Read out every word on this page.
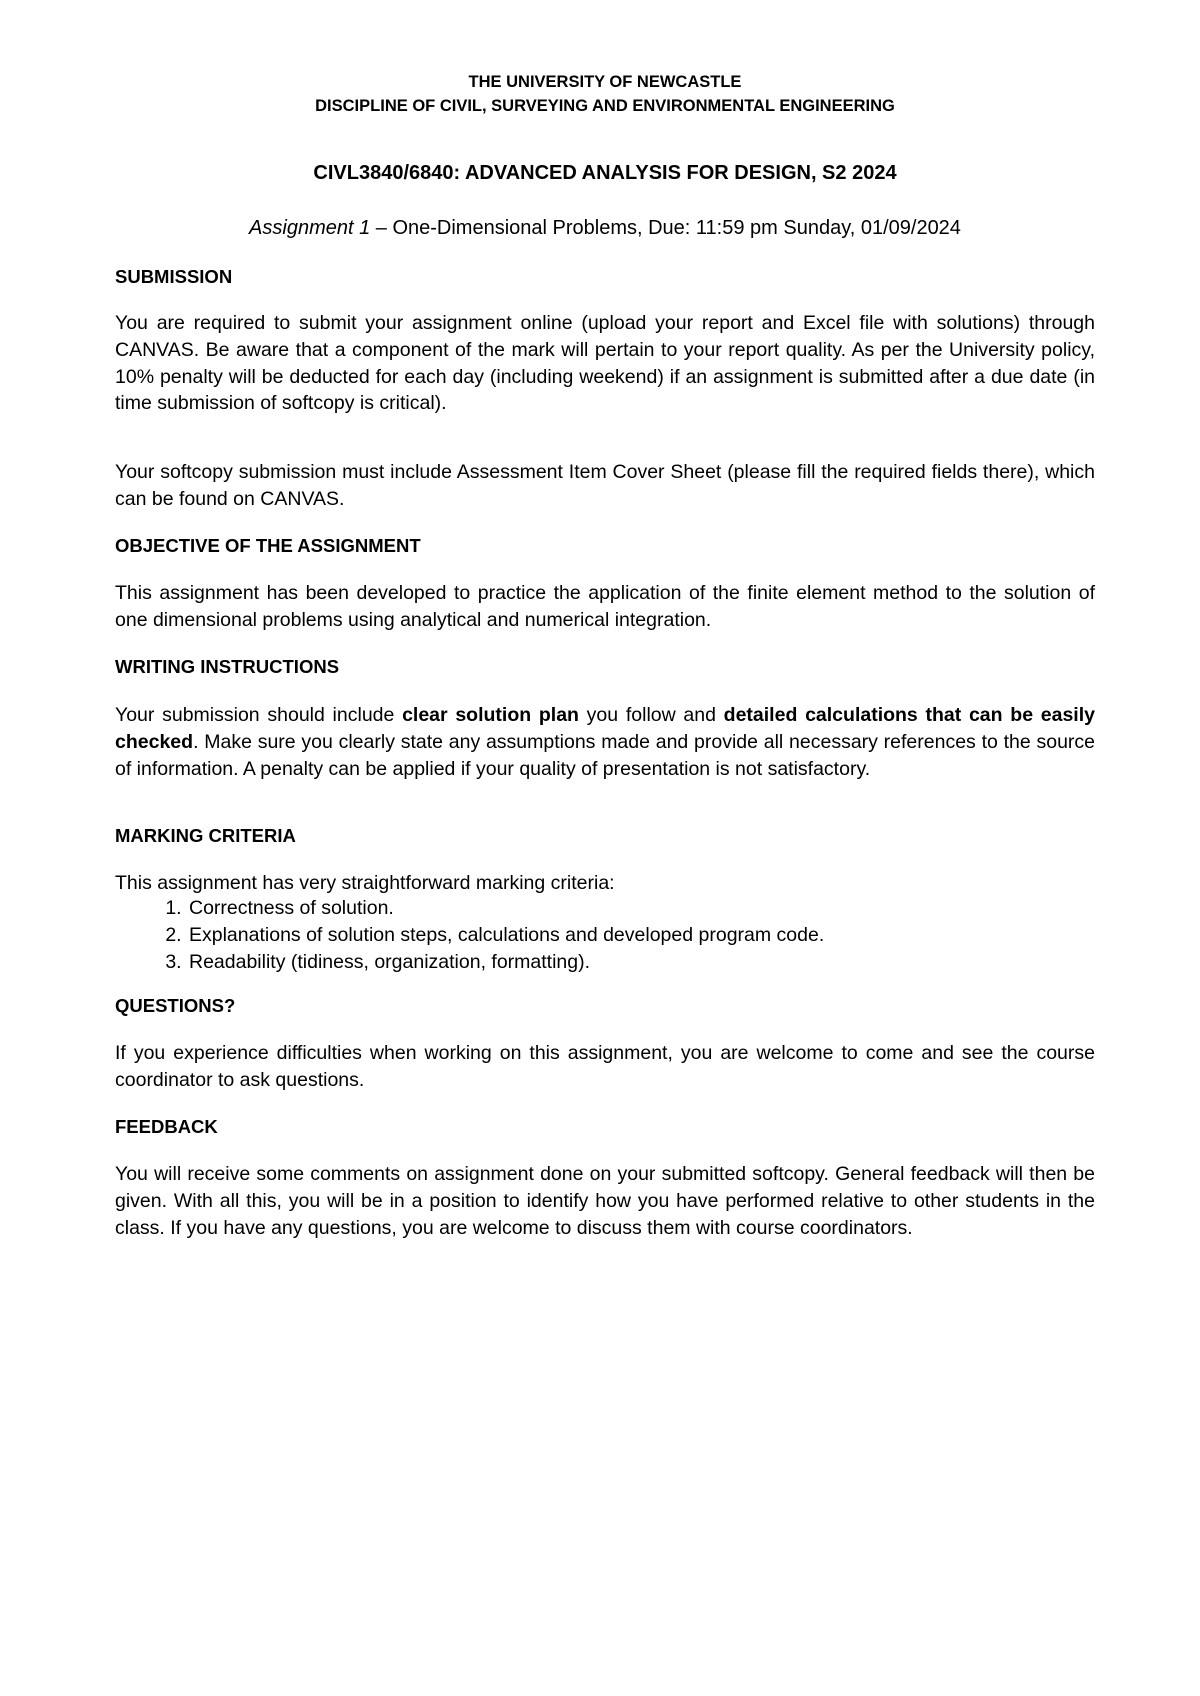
THE UNIVERSITY OF NEWCASTLE
DISCIPLINE OF CIVIL, SURVEYING AND ENVIRONMENTAL ENGINEERING
CIVL3840/6840: ADVANCED ANALYSIS FOR DESIGN, S2 2024
Assignment 1 – One-Dimensional Problems, Due: 11:59 pm Sunday, 01/09/2024
SUBMISSION
You are required to submit your assignment online (upload your report and Excel file with solutions) through CANVAS. Be aware that a component of the mark will pertain to your report quality. As per the University policy, 10% penalty will be deducted for each day (including weekend) if an assignment is submitted after a due date (in time submission of softcopy is critical).
Your softcopy submission must include Assessment Item Cover Sheet (please fill the required fields there), which can be found on CANVAS.
OBJECTIVE OF THE ASSIGNMENT
This assignment has been developed to practice the application of the finite element method to the solution of one dimensional problems using analytical and numerical integration.
WRITING INSTRUCTIONS
Your submission should include clear solution plan you follow and detailed calculations that can be easily checked. Make sure you clearly state any assumptions made and provide all necessary references to the source of information. A penalty can be applied if your quality of presentation is not satisfactory.
MARKING CRITERIA
This assignment has very straightforward marking criteria:
1. Correctness of solution.
2. Explanations of solution steps, calculations and developed program code.
3. Readability (tidiness, organization, formatting).
QUESTIONS?
If you experience difficulties when working on this assignment, you are welcome to come and see the course coordinator to ask questions.
FEEDBACK
You will receive some comments on assignment done on your submitted softcopy. General feedback will then be given. With all this, you will be in a position to identify how you have performed relative to other students in the class. If you have any questions, you are welcome to discuss them with course coordinators.
